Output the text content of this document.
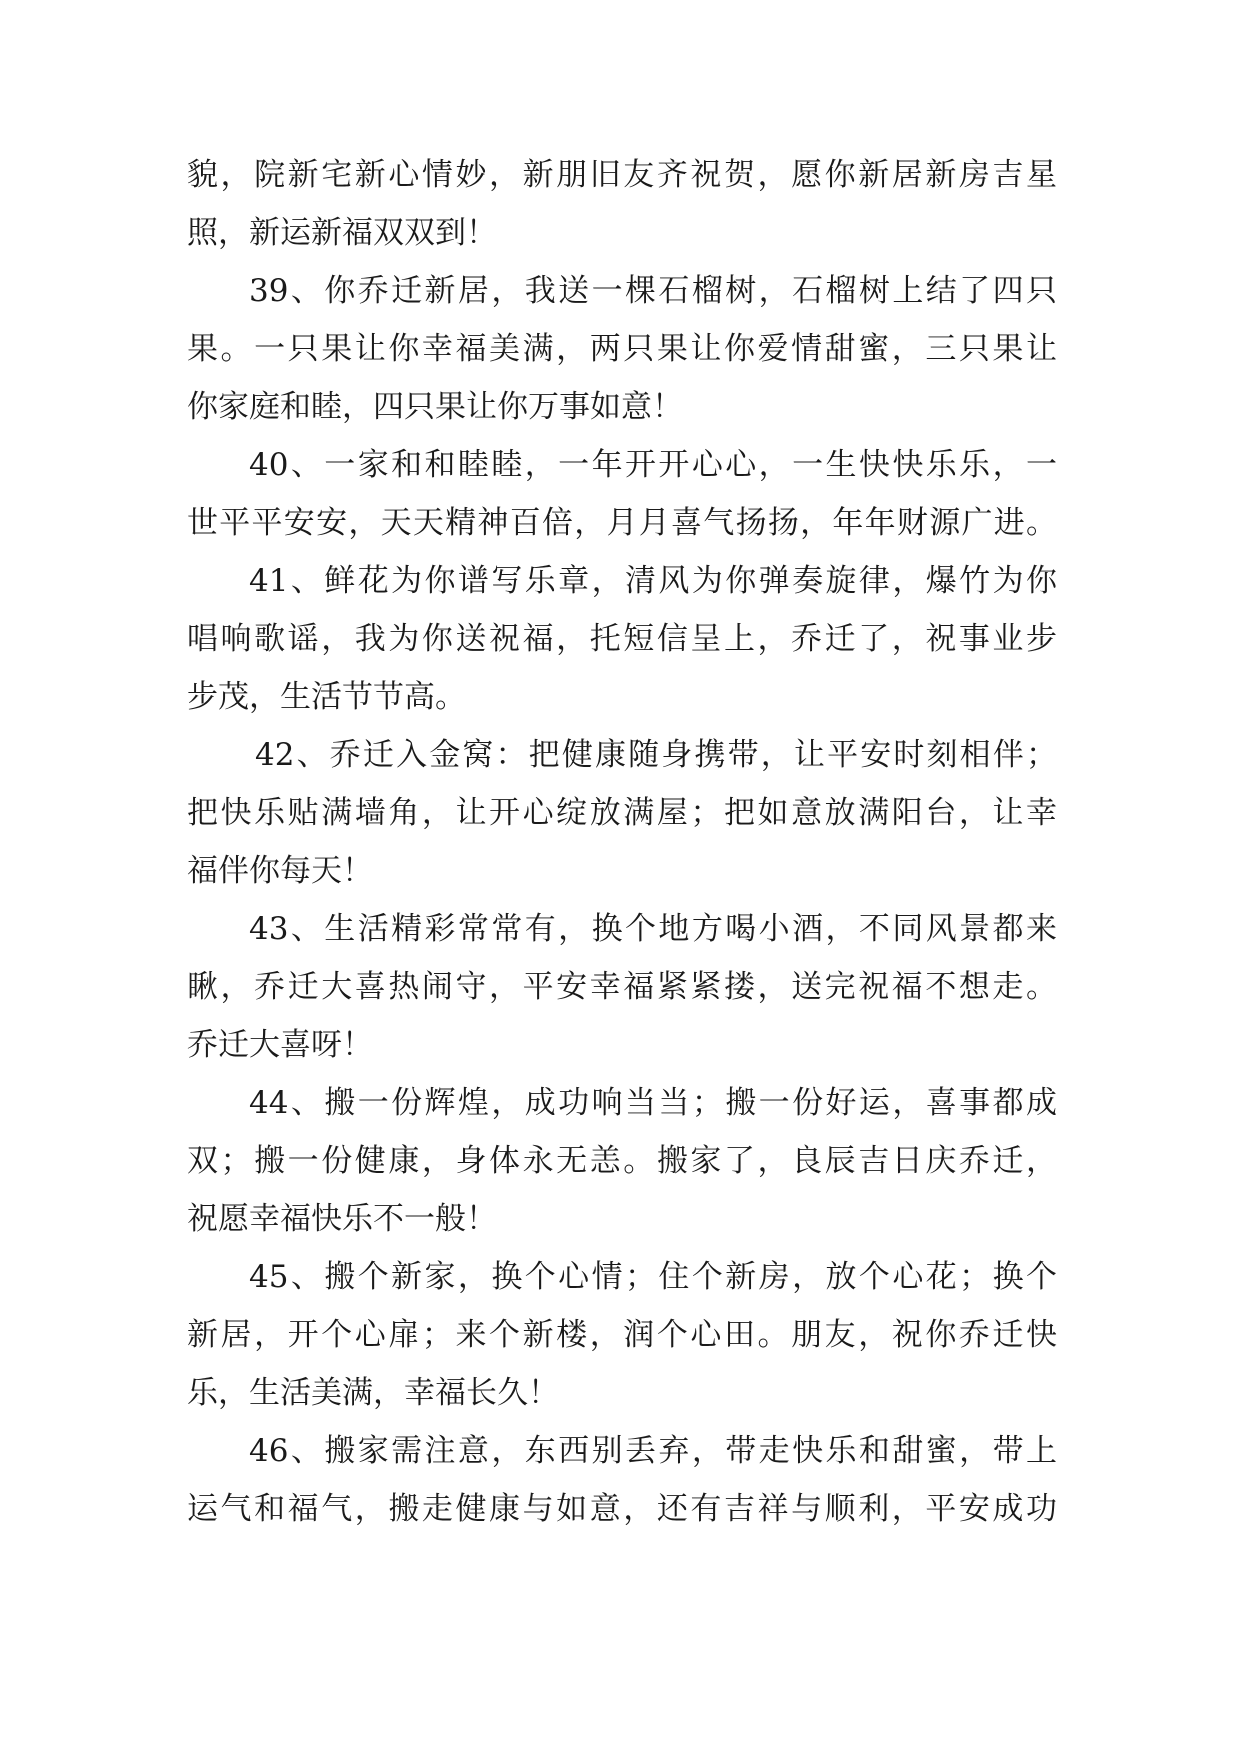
貌，院新宅新心情妙，新朋旧友齐祝贺，愿你新居新房吉星
照，新运新福双双到！
39、你乔迁新居，我送一棵石榴树，石榴树上结了四只
果。一只果让你幸福美满，两只果让你爱情甜蜜，三只果让
你家庭和睦，四只果让你万事如意！
40、一家和和睦睦，一年开开心心，一生快快乐乐，一
世平平安安，天天精神百倍，月月喜气扬扬，年年财源广进。
41、鲜花为你谱写乐章，清风为你弹奏旋律，爆竹为你
唱响歌谣，我为你送祝福，托短信呈上，乔迁了，祝事业步
步茂，生活节节高。
42、乔迁入金窝：把健康随身携带，让平安时刻相伴；
把快乐贴满墙角，让开心绽放满屋；把如意放满阳台，让幸
福伴你每天！
43、生活精彩常常有，换个地方喝小酒，不同风景都来
瞅，乔迁大喜热闹守，平安幸福紧紧搂，送完祝福不想走。
乔迁大喜呀！
44、搬一份辉煌，成功响当当；搬一份好运，喜事都成
双；搬一份健康，身体永无恙。搬家了，良辰吉日庆乔迁，
祝愿幸福快乐不一般！
45、搬个新家，换个心情；住个新房，放个心花；换个
新居，开个心扉；来个新楼，润个心田。朋友，祝你乔迁快
乐，生活美满，幸福长久！
46、搬家需注意，东西别丢弃，带走快乐和甜蜜，带上
运气和福气，搬走健康与如意，还有吉祥与顺利，平安成功
